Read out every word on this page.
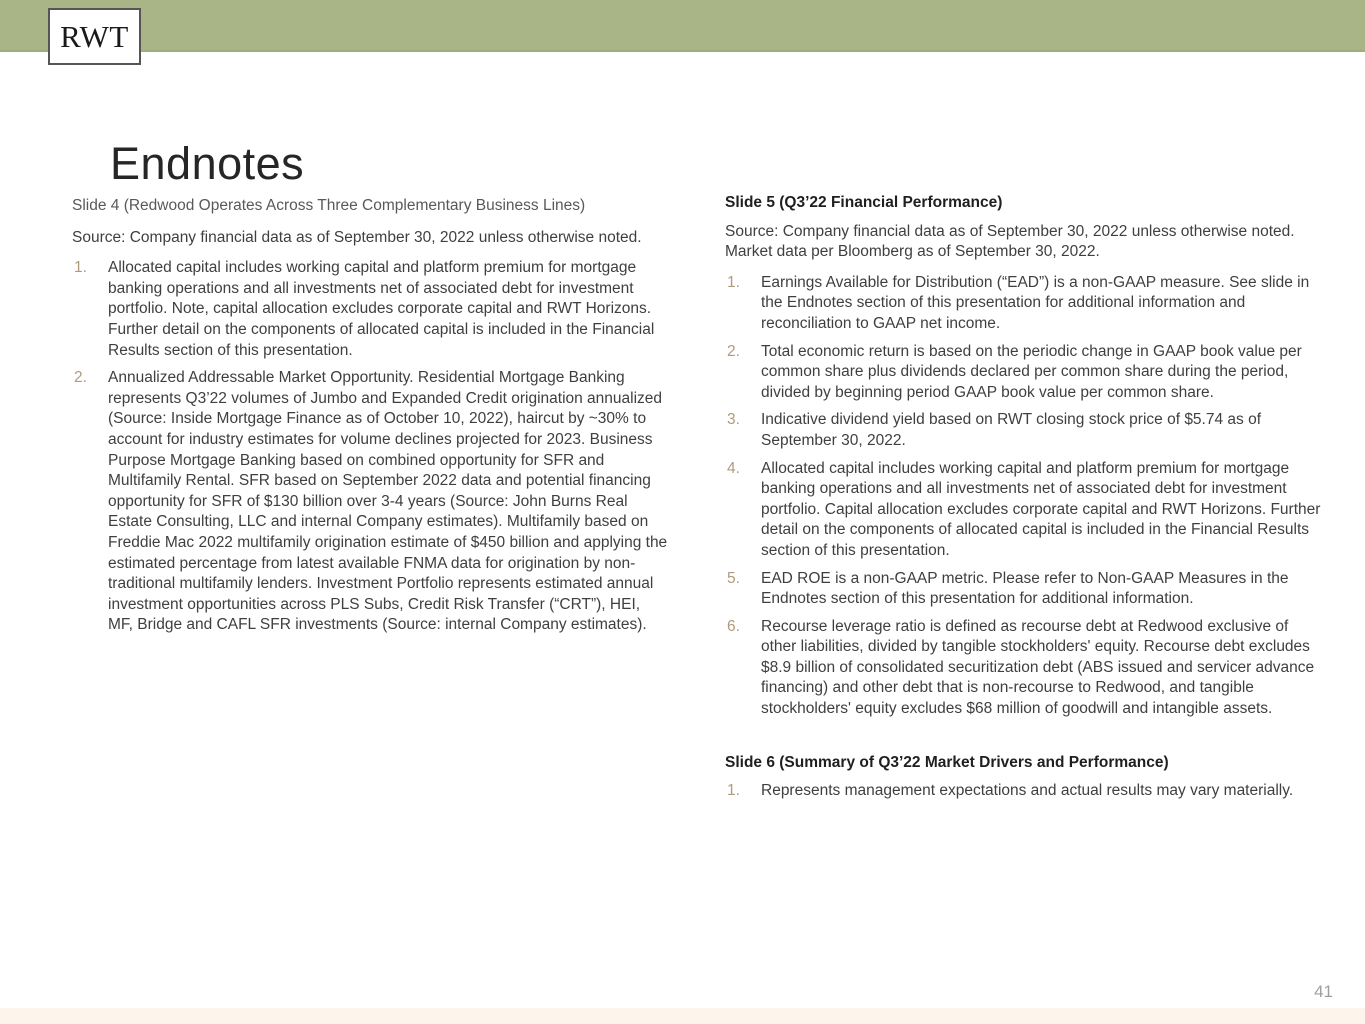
RWT
Endnotes
Slide 4 (Redwood Operates Across Three Complementary Business Lines)

Source: Company financial data as of September 30, 2022 unless otherwise noted.

1. Allocated capital includes working capital and platform premium for mortgage banking operations and all investments net of associated debt for investment portfolio. Note, capital allocation excludes corporate capital and RWT Horizons. Further detail on the components of allocated capital is included in the Financial Results section of this presentation.
2. Annualized Addressable Market Opportunity. Residential Mortgage Banking represents Q3’22 volumes of Jumbo and Expanded Credit origination annualized (Source: Inside Mortgage Finance as of October 10, 2022), haircut by ~30% to account for industry estimates for volume declines projected for 2023. Business Purpose Mortgage Banking based on combined opportunity for SFR and Multifamily Rental. SFR based on September 2022 data and potential financing opportunity for SFR of $130 billion over 3-4 years (Source: John Burns Real Estate Consulting, LLC and internal Company estimates). Multifamily based on Freddie Mac 2022 multifamily origination estimate of $450 billion and applying the estimated percentage from latest available FNMA data for origination by non-traditional multifamily lenders. Investment Portfolio represents estimated annual investment opportunities across PLS Subs, Credit Risk Transfer (“CRT”), HEI, MF, Bridge and CAFL SFR investments (Source: internal Company estimates).
Slide 5 (Q3’22 Financial Performance)

Source: Company financial data as of September 30, 2022 unless otherwise noted. Market data per Bloomberg as of September 30, 2022.

1. Earnings Available for Distribution (“EAD”) is a non-GAAP measure. See slide in the Endnotes section of this presentation for additional information and reconciliation to GAAP net income.
2. Total economic return is based on the periodic change in GAAP book value per common share plus dividends declared per common share during the period, divided by beginning period GAAP book value per common share.
3. Indicative dividend yield based on RWT closing stock price of $5.74 as of September 30, 2022.
4. Allocated capital includes working capital and platform premium for mortgage banking operations and all investments net of associated debt for investment portfolio. Capital allocation excludes corporate capital and RWT Horizons. Further detail on the components of allocated capital is included in the Financial Results section of this presentation.
5. EAD ROE is a non-GAAP metric. Please refer to Non-GAAP Measures in the Endnotes section of this presentation for additional information.
6. Recourse leverage ratio is defined as recourse debt at Redwood exclusive of other liabilities, divided by tangible stockholders' equity. Recourse debt excludes $8.9 billion of consolidated securitization debt (ABS issued and servicer advance financing) and other debt that is non-recourse to Redwood, and tangible stockholders' equity excludes $68 million of goodwill and intangible assets.
Slide 6 (Summary of Q3’22 Market Drivers and Performance)
1. Represents management expectations and actual results may vary materially.
41
